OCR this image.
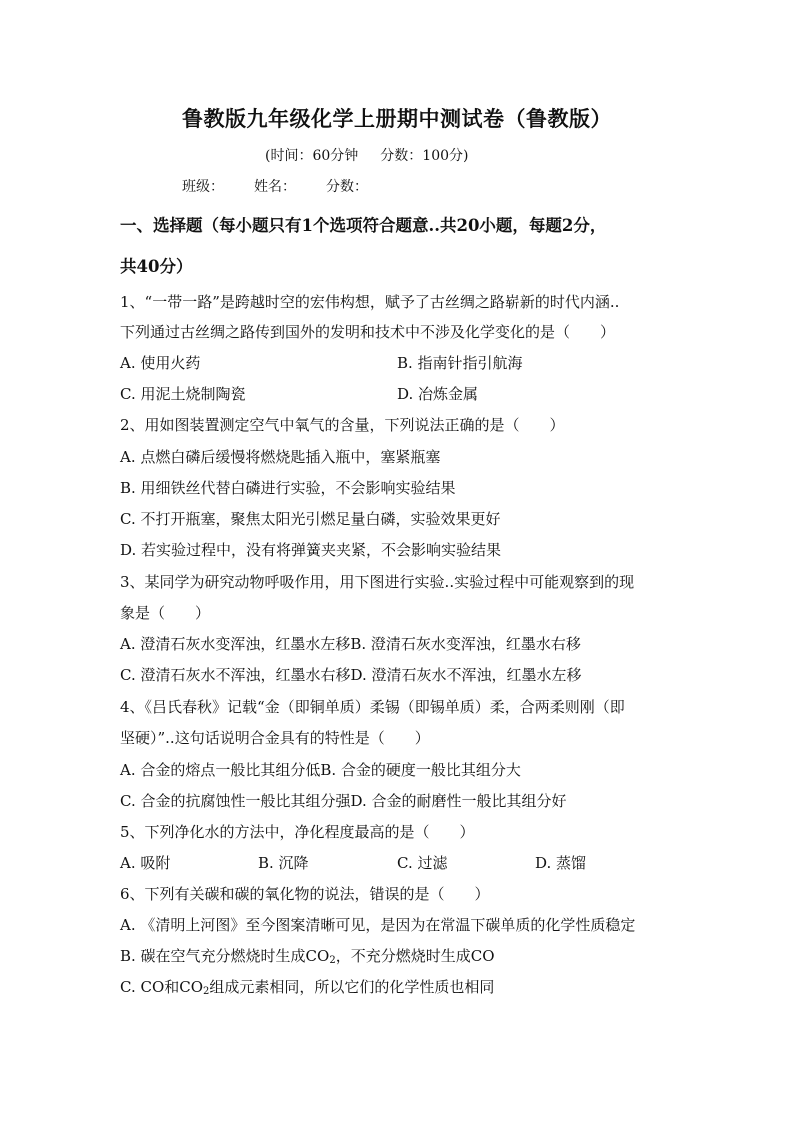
鲁教版九年级化学上册期中测试卷（鲁教版）
(时间：60分钟 分数：100分)
班级： 姓名： 分数：
一、选择题（每小题只有1个选项符合题意..共20小题，每题2分，
共40分）
1、“一带一路”是跨越时空的宏伟构想，赋予了古丝绸之路崭新的时代内涵..
下列通过古丝绸之路传到国外的发明和技术中不涉及化学变化的是（　　）
A. 使用火药	B. 指南针指引航海
C. 用泥土烧制陶瓷	D. 冶炼金属
2、用如图装置测定空气中氧气的含量，下列说法正确的是（　　）
A. 点燃白磷后缓慢将燃烧匙插入瓶中，塞紧瓶塞
B. 用细铁丝代替白磷进行实验，不会影响实验结果
C. 不打开瓶塞，聚焦太阳光引燃足量白磷，实验效果更好
D. 若实验过程中，没有将弹簧夹夹紧，不会影响实验结果
3、某同学为研究动物呼吸作用，用下图进行实验..实验过程中可能观察到的现
象是（　　）
A. 澄清石灰水变浑浊，红墨水左移B. 澄清石灰水变浑浊，红墨水右移
C. 澄清石灰水不浑浊，红墨水右移D. 澄清石灰水不浑浊，红墨水左移
4、《吕氏春秋》记载“金（即铜单质）柔锡（即锡单质）柔，合两柔则刚（即
坚硬）”..这句话说明合金具有的特性是（　　）
A. 合金的熔点一般比其组分低B. 合金的硬度一般比其组分大
C. 合金的抗腐蚀性一般比其组分强D. 合金的耐磨性一般比其组分好
5、下列净化水的方法中，净化程度最高的是（　　）
A. 吸附	B. 沉降	C. 过滤	D. 蒸馏
6、下列有关碳和碳的氧化物的说法，错误的是（　　）
A. 《清明上河图》至今图案清晰可见，是因为在常温下碳单质的化学性质稳定
B. 碳在空气充分燃烧时生成$CO_2$，不充分燃烧时生成CO
C. CO和$CO_2$组成元素相同，所以它们的化学性质也相同
